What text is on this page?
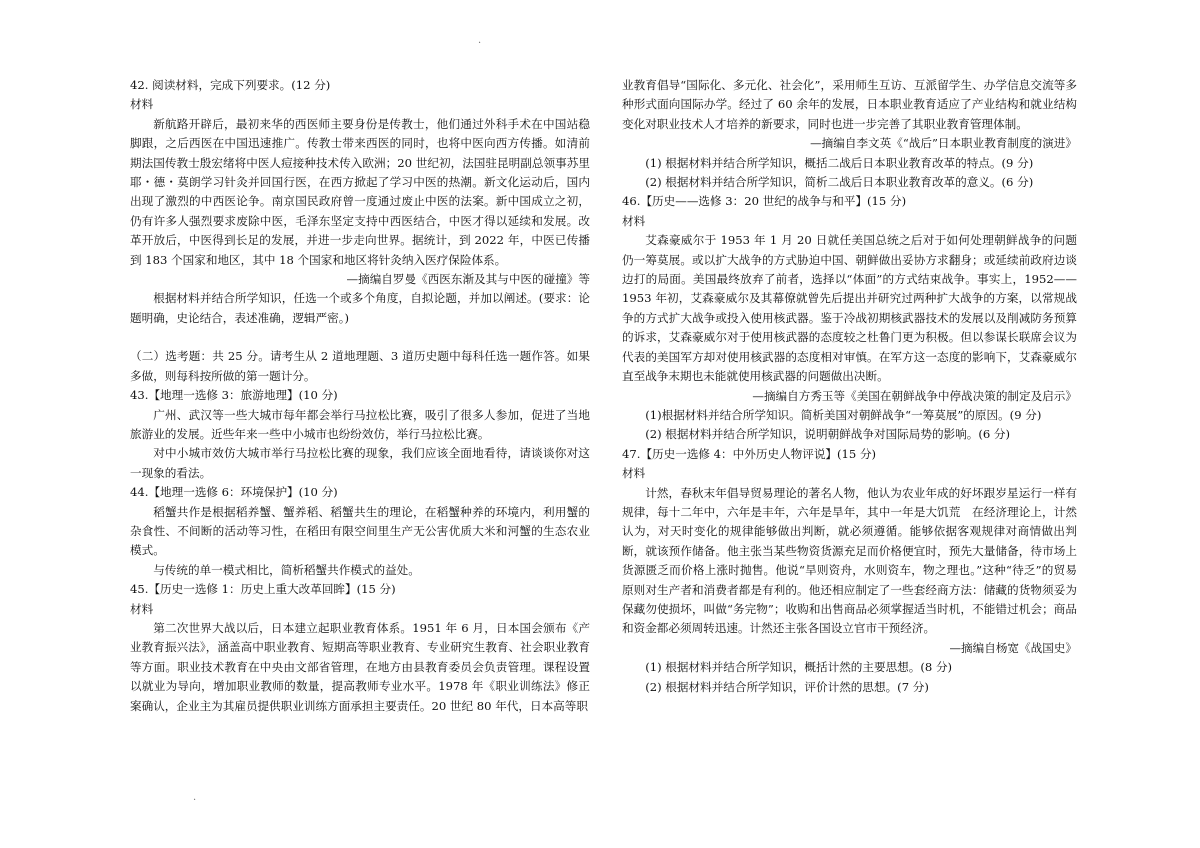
·
·

42. 阅读材料，完成下列要求。(12 分)

材料

新航路开辟后，最初来华的西医师主要身份是传教士，他们通过外科手术在中国站稳脚跟，之后西医在中国迅速推广。传教士带来西医的同时，也将中医向西方传播。如清前期法国传教士殷宏绪将中医人痘接种技术传入欧洲；20 世纪初，法国驻昆明副总领事苏里耶・德・莫朗学习针灸并回国行医，在西方掀起了学习中医的热潮。新文化运动后，国内出现了激烈的中西医论争。南京国民政府曾一度通过废止中医的法案。新中国成立之初，仍有许多人强烈要求废除中医，毛泽东坚定支持中西医结合，中医才得以延续和发展。改革开放后，中医得到长足的发展，并进一步走向世界。据统计，到 2022 年，中医已传播到 183 个国家和地区，其中 18 个国家和地区将针灸纳入医疗保险体系。

—摘编自罗曼《西医东渐及其与中医的碰撞》等

根据材料并结合所学知识，任选一个或多个角度，自拟论题，并加以阐述。(要求：论题明确，史论结合，表述准确，逻辑严密。)

（二）选考题：共 25 分。请考生从 2 道地理题、3 道历史题中每科任选一题作答。如果多做，则每科按所做的第一题计分。

43.【地理一选修 3：旅游地理】(10 分)

广州、武汉等一些大城市每年都会举行马拉松比赛，吸引了很多人参加，促进了当地旅游业的发展。近些年来一些中小城市也纷纷效仿，举行马拉松比赛。

对中小城市效仿大城市举行马拉松比赛的现象，我们应该全面地看待，请谈谈你对这一现象的看法。

44.【地理一选修 6：环境保护】(10 分)

稻蟹共作是根据稻养蟹、蟹养稻、稻蟹共生的理论，在稻蟹种养的环境内，利用蟹的杂食性、不间断的活动等习性，在稻田有限空间里生产无公害优质大米和河蟹的生态农业模式。

与传统的单一模式相比，简析稻蟹共作模式的益处。

45.【历史一选修 1：历史上重大改革回眸】(15 分)

材料

第二次世界大战以后，日本建立起职业教育体系。1951 年 6 月，日本国会颁布《产业教育振兴法》，涵盖高中职业教育、短期高等职业教育、专业研究生教育、社会职业教育等方面。职业技术教育在中央由文部省管理，在地方由县教育委员会负责管理。课程设置以就业为导向，增加职业教师的数量，提高教师专业水平。1978 年《职业训练法》修正案确认，企业主为其雇员提供职业训练方面承担主要责任。20 世纪 80 年代，日本高等职

业教育倡导“国际化、多元化、社会化”，采用师生互访、互派留学生、办学信息交流等多种形式面向国际办学。经过了 60 余年的发展，日本职业教育适应了产业结构和就业结构变化对职业技术人才培养的新要求，同时也进一步完善了其职业教育管理体制。

—摘编自李文英《“战后”日本职业教育制度的演进》

(1) 根据材料并结合所学知识，概括二战后日本职业教育改革的特点。(9 分)

(2) 根据材料并结合所学知识，简析二战后日本职业教育改革的意义。(6 分)

46.【历史——选修 3：20 世纪的战争与和平】(15 分)

材料

艾森豪威尔于 1953 年 1 月 20 日就任美国总统之后对于如何处理朝鲜战争的问题仍一筹莫展。或以扩大战争的方式胁迫中国、朝鲜做出妥协方求翻身；或延续前政府边谈边打的局面。美国最终放弃了前者，选择以“体面”的方式结束战争。事实上，1952——1953 年初，艾森豪威尔及其幕僚就曾先后提出并研究过两种扩大战争的方案，以常规战争的方式扩大战争或投入使用核武器。鉴于冷战初期核武器技术的发展以及削减防务预算的诉求，艾森豪威尔对于使用核武器的态度较之杜鲁门更为积极。但以参谋长联席会议为代表的美国军方却对使用核武器的态度相对审慎。在军方这一态度的影响下，艾森豪威尔直至战争末期也未能就使用核武器的问题做出决断。

—摘编自方秀玉等《美国在朝鲜战争中停战决策的制定及启示》

(1)根据材料并结合所学知识。简析美国对朝鲜战争“一筹莫展”的原因。(9 分)

(2) 根据材料并结合所学知识，说明朝鲜战争对国际局势的影响。(6 分)

47.【历史一选修 4：中外历史人物评说】(15 分)

材料

计然，春秋末年倡导贸易理论的著名人物，他认为农业年成的好坏跟岁星运行一样有规律，每十二年中，六年是丰年，六年是旱年，其中一年是大饥荒　在经济理论上，计然认为，对天时变化的规律能够做出判断，就必须遵循。能够依据客观规律对商情做出判断，就该预作储备。他主张当某些物资货源充足而价格便宜时，预先大量储备，待市场上货源匮乏而价格上涨时抛售。他说“旱则资舟，水则资车，物之理也。”这种“待乏”的贸易原则对生产者和消费者都是有利的。他还相应制定了一些套经商方法：储藏的货物须妥为保藏勿使损坏，叫做“务完物”；收购和出售商品必须掌握适当时机，不能错过机会；商品和资金都必须周转迅速。计然还主张各国设立官市干预经济。

—摘编自杨宽《战国史》

(1) 根据材料并结合所学知识，概括计然的主要思想。(8 分)

(2) 根据材料并结合所学知识，评价计然的思想。(7 分)
